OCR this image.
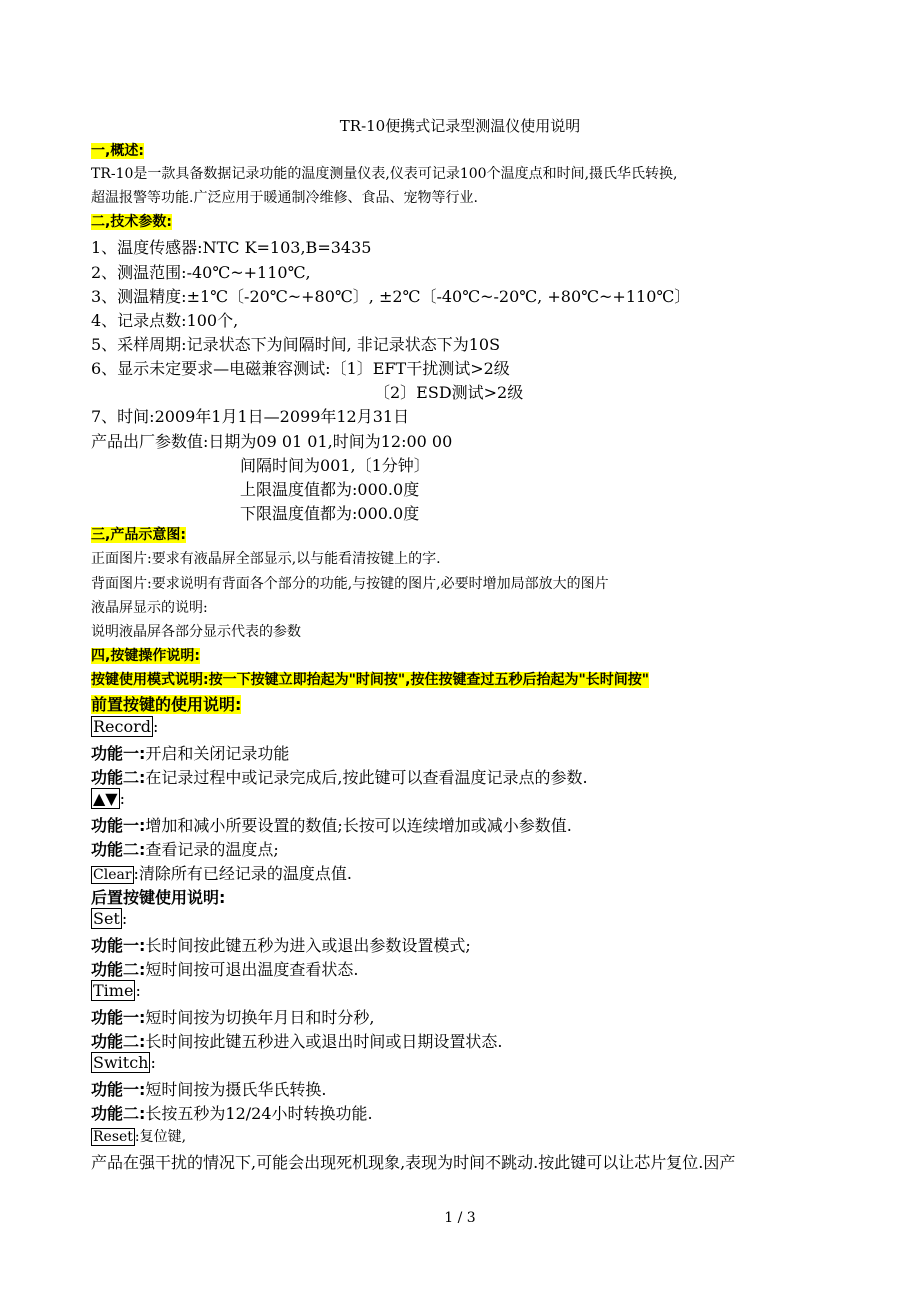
TR-10便携式记录型测温仪使用说明
一,概述:
TR-10是一款具备数据记录功能的温度测量仪表,仪表可记录100个温度点和时间,摄氏华氏转换,
超温报警等功能.广泛应用于暖通制冷维修、食品、宠物等行业.
二,技术参数:
1、温度传感器:NTC K=103,B=3435
2、测温范围:-40℃~+110℃,
3、测温精度:±1℃〔-20℃~+80℃〕, ±2℃〔-40℃~-20℃, +80℃~+110℃〕
4、记录点数:100个,
5、采样周期:记录状态下为间隔时间, 非记录状态下为10S
6、显示未定要求—电磁兼容测试:〔1〕EFT干扰测试>2级
〔2〕ESD测试>2级
7、时间:2009年1月1日—2099年12月31日
产品出厂参数值:日期为09 01 01,时间为12:00 00
间隔时间为001,〔1分钟〕
上限温度值都为:000.0度
下限温度值都为:000.0度
三,产品示意图:
正面图片:要求有液晶屏全部显示,以与能看清按键上的字.
背面图片:要求说明有背面各个部分的功能,与按键的图片,必要时增加局部放大的图片
液晶屏显示的说明:
说明液晶屏各部分显示代表的参数
四,按键操作说明:
按键使用模式说明:按一下按键立即抬起为"时间按",按住按键查过五秒后抬起为"长时间按"
前置按键的使用说明:
Record :
功能一:开启和关闭记录功能
功能二:在记录过程中或记录完成后,按此键可以查看温度记录点的参数.
▲▼ :
功能一:增加和减小所要设置的数值;长按可以连续增加或减小参数值.
功能二:查看记录的温度点;
Clear :清除所有已经记录的温度点值.
后置按键使用说明:
Set :
功能一:长时间按此键五秒为进入或退出参数设置模式;
功能二:短时间按可退出温度查看状态.
Time :
功能一:短时间按为切换年月日和时分秒,
功能二:长时间按此键五秒进入或退出时间或日期设置状态.
Switch :
功能一:短时间按为摄氏华氏转换.
功能二:长按五秒为12/24小时转换功能.
Reset :复位键,
产品在强干扰的情况下,可能会出现死机现象,表现为时间不跳动.按此键可以让芯片复位.因产
1 / 3
